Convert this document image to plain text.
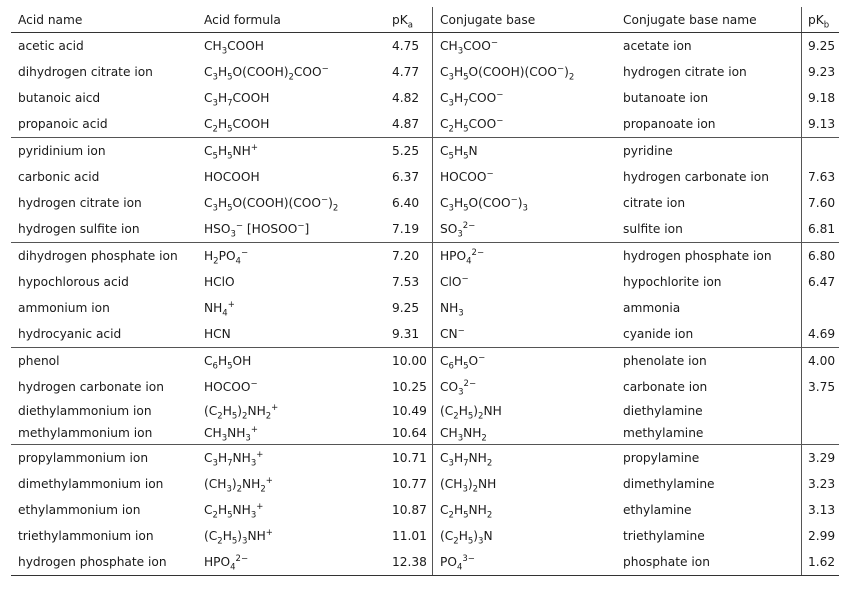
Acid name	Acid formula	$pK_a$	Conjugate base	Conjugate base name	$pK_b$
acetic acid	$CH_3COOH$	4.75	$CH_3COO^-$	acetate ion	9.25
dihydrogen citrate ion	$C_3H_5O(COOH)_2COO^-$	4.77	$C_3H_5O(COOH)(COO^-)_2$	hydrogen citrate ion	9.23
butanoic aicd	$C_3H_7COOH$	4.82	$C_3H_7COO^-$	butanoate ion	9.18
propanoic acid	$C_2H_5COOH$	4.87	$C_2H_5COO^-$	propanoate ion	9.13
pyridinium ion	$C_5H_5NH^+$	5.25	$C_5H_5N$	pyridine	
carbonic acid	HOCOOH	6.37	HOCOO−	hydrogen carbonate ion	7.63
hydrogen citrate ion	$C_3H_5O(COOH)(COO^-)_2$	6.40	$C_3H_5O(COO^-)_3$	citrate ion	7.60
hydrogen sulfite ion	$HSO_3^-$ [HOSOO−]	7.19	$SO_3^{2-}$	sulfite ion	6.81
dihydrogen phosphate ion	$H_2PO_4^-$	7.20	$HPO_4^{2-}$	hydrogen phosphate ion	6.80
hypochlorous acid	HClO	7.53	ClO−	hypochlorite ion	6.47
ammonium ion	$NH_4^+$	9.25	$NH_3$	ammonia	
hydrocyanic acid	HCN	9.31	CN−	cyanide ion	4.69
phenol	$C_6H_5OH$	10.00	$C_6H_5O^-$	phenolate ion	4.00
hydrogen carbonate ion	HOCOO−	10.25	$CO_3^{2-}$	carbonate ion	3.75
diethylammonium ion	$(C_2H_5)_2NH_2^+$	10.49	$(C_2H_5)_2NH$	diethylamine	
methylammonium ion	$CH_3NH_3^+$	10.64	$CH_3NH_2$	methylamine	
propylammonium ion	$C_3H_7NH_3^+$	10.71	$C_3H_7NH_2$	propylamine	3.29
dimethylammonium ion	$(CH_3)_2NH_2^+$	10.77	$(CH_3)_2NH$	dimethylamine	3.23
ethylammonium ion	$C_2H_5NH_3^+$	10.87	$C_2H_5NH_2$	ethylamine	3.13
triethylammonium ion	$(C_2H_5)_3NH^+$	11.01	$(C_2H_5)_3N$	triethylamine	2.99
hydrogen phosphate ion	$HPO_4^{2-}$	12.38	$PO_4^{3-}$	phosphate ion	1.62
